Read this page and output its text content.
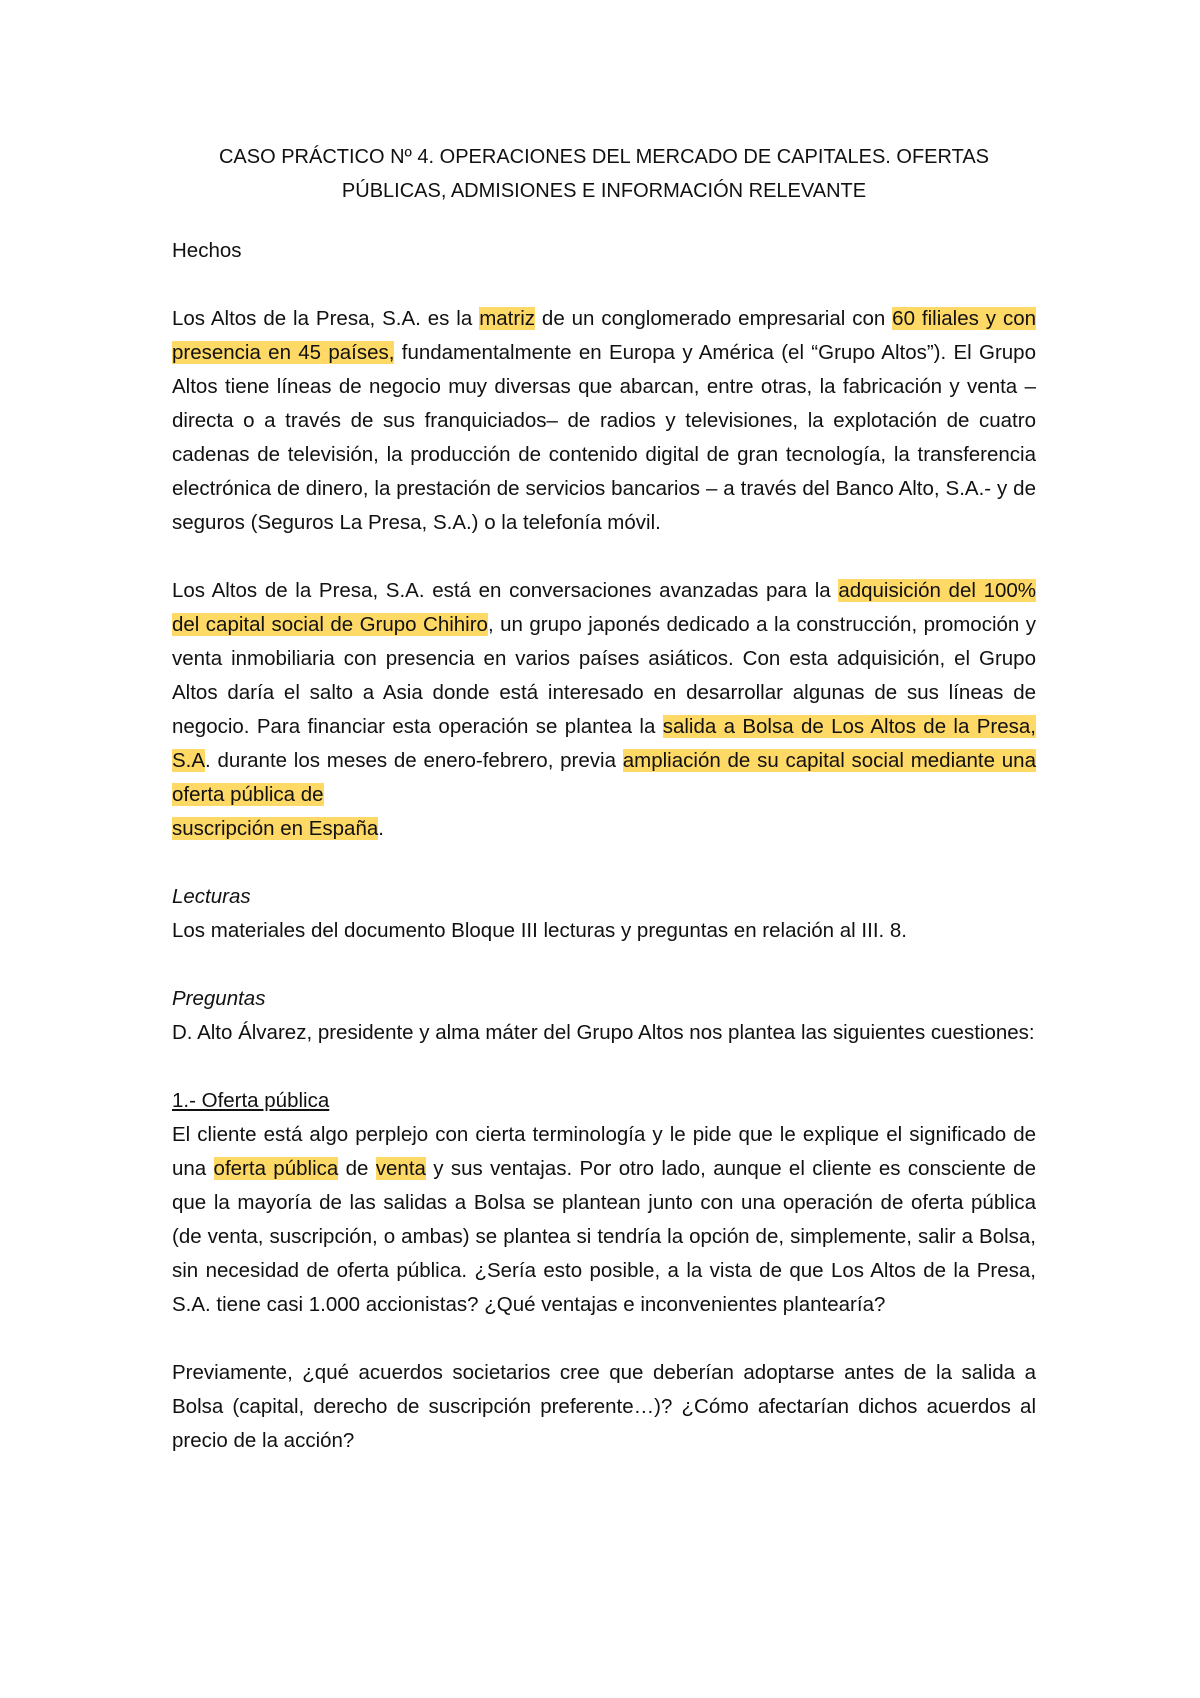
CASO PRÁCTICO Nº 4. OPERACIONES DEL MERCADO DE CAPITALES. OFERTAS
PÚBLICAS, ADMISIONES E INFORMACIÓN RELEVANTE

Hechos

Los Altos de la Presa, S.A. es la matriz de un conglomerado empresarial con 60 filiales y con presencia en 45 países, fundamentalmente en Europa y América (el “Grupo Altos”). El Grupo Altos tiene líneas de negocio muy diversas que abarcan, entre otras, la fabricación y venta – directa o a través de sus franquiciados– de radios y televisiones, la explotación de cuatro cadenas de televisión, la producción de contenido digital de gran tecnología, la transferencia electrónica de dinero, la prestación de servicios bancarios – a través del Banco Alto, S.A.- y de seguros (Seguros La Presa, S.A.) o la telefonía móvil.

Los Altos de la Presa, S.A. está en conversaciones avanzadas para la adquisición del 100% del capital social de Grupo Chihiro, un grupo japonés dedicado a la construcción, promoción y venta inmobiliaria con presencia en varios países asiáticos. Con esta adquisición, el Grupo Altos daría el salto a Asia donde está interesado en desarrollar algunas de sus líneas de negocio. Para financiar esta operación se plantea la salida a Bolsa de Los Altos de la Presa, S.A. durante los meses de enero-febrero, previa ampliación de su capital social mediante una oferta pública de
suscripción en España.

Lecturas

Los materiales del documento Bloque III lecturas y preguntas en relación al III. 8.

Preguntas

D. Alto Álvarez, presidente y alma máter del Grupo Altos nos plantea las siguientes cuestiones:

1.- Oferta pública

El cliente está algo perplejo con cierta terminología y le pide que le explique el significado de una oferta pública de venta y sus ventajas. Por otro lado, aunque el cliente es consciente de que la mayoría de las salidas a Bolsa se plantean junto con una operación de oferta pública (de venta, suscripción, o ambas) se plantea si tendría la opción de, simplemente, salir a Bolsa, sin necesidad de oferta pública. ¿Sería esto posible, a la vista de que Los Altos de la Presa, S.A. tiene casi 1.000 accionistas? ¿Qué ventajas e inconvenientes plantearía?

Previamente, ¿qué acuerdos societarios cree que deberían adoptarse antes de la salida a Bolsa (capital, derecho de suscripción preferente…)? ¿Cómo afectarían dichos acuerdos al precio de la acción?
